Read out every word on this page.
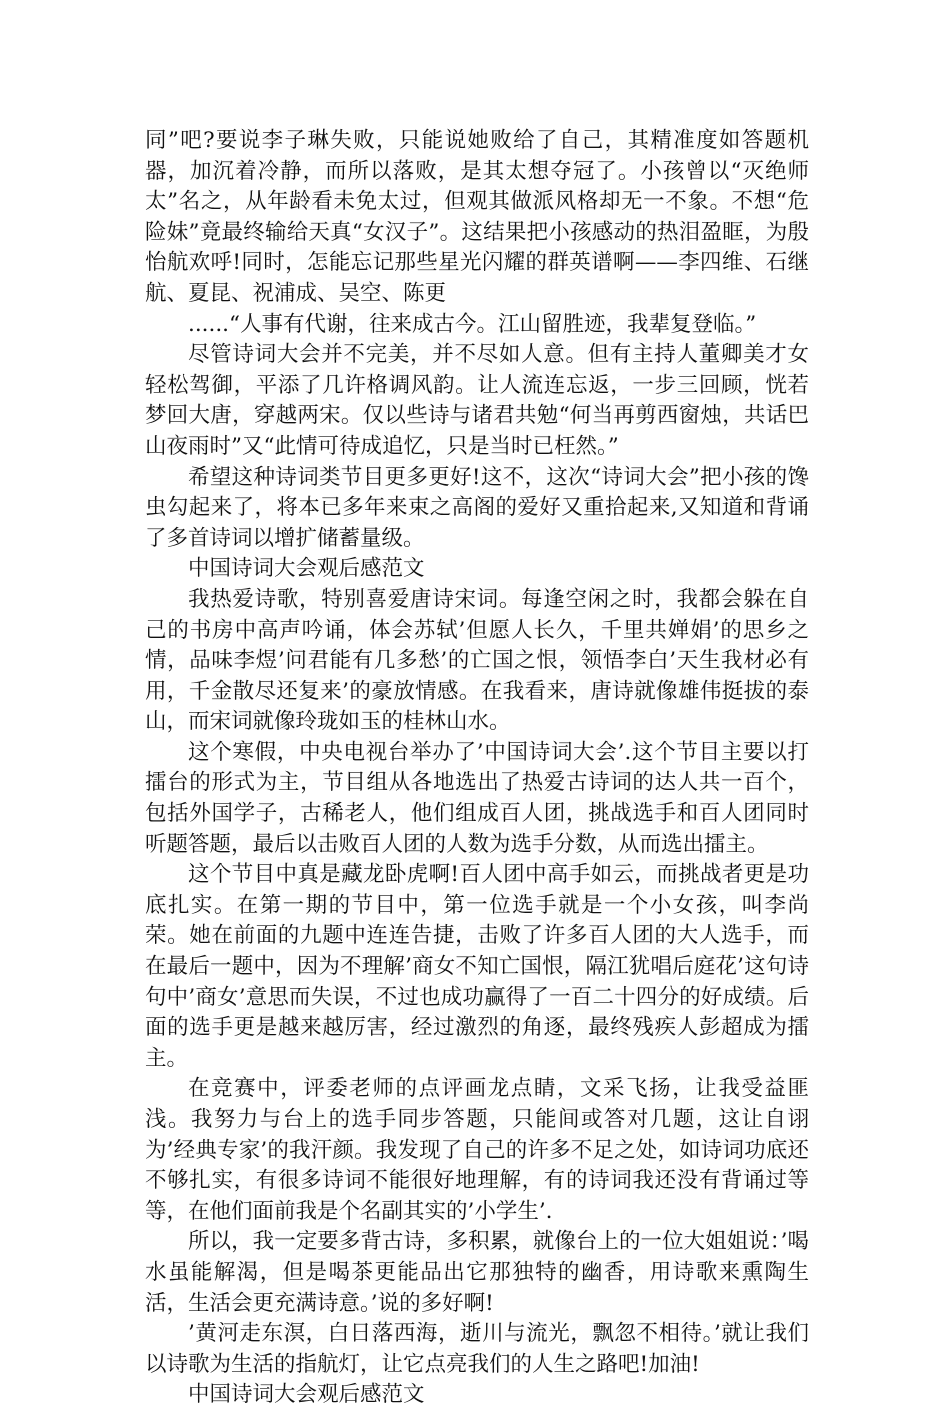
同”吧?要说李子琳失败，只能说她败给了自己，其精准度如答题机器，加沉着冷静，而所以落败，是其太想夺冠了。小孩曾以“灭绝师太”名之，从年龄看未免太过，但观其做派风格却无一不象。不想“危险妹”竟最终输给天真“女汉子”。这结果把小孩感动的热泪盈眶，为殷怡航欢呼!同时，怎能忘记那些星光闪耀的群英谱啊——李四维、石继航、夏昆、祝浦成、吴空、陈更

......“人事有代谢，往来成古今。江山留胜迹，我辈复登临。”

尽管诗词大会并不完美，并不尽如人意。但有主持人董卿美才女轻松驾御，平添了几许格调风韵。让人流连忘返，一步三回顾，恍若梦回大唐，穿越两宋。仅以些诗与诸君共勉“何当再剪西窗烛，共话巴山夜雨时”又“此情可待成追忆，只是当时已枉然。”

希望这种诗词类节目更多更好!这不，这次“诗词大会”把小孩的馋虫勾起来了，将本已多年来束之高阁的爱好又重拾起来,又知道和背诵了多首诗词以增扩储蓄量级。

中国诗词大会观后感范文

我热爱诗歌，特别喜爱唐诗宋词。每逢空闲之时，我都会躲在自己的书房中高声吟诵，体会苏轼’但愿人长久，千里共婵娟’的思乡之情，品味李煜’问君能有几多愁’的亡国之恨，领悟李白’天生我材必有用，千金散尽还复来’的豪放情感。在我看来，唐诗就像雄伟挺拔的泰山，而宋词就像玲珑如玉的桂林山水。

这个寒假，中央电视台举办了’中国诗词大会’.这个节目主要以打擂台的形式为主，节目组从各地选出了热爱古诗词的达人共一百个，包括外国学子，古稀老人，他们组成百人团，挑战选手和百人团同时听题答题，最后以击败百人团的人数为选手分数，从而选出擂主。

这个节目中真是藏龙卧虎啊!百人团中高手如云，而挑战者更是功底扎实。在第一期的节目中，第一位选手就是一个小女孩，叫李尚荣。她在前面的九题中连连告捷，击败了许多百人团的大人选手，而在最后一题中，因为不理解’商女不知亡国恨，隔江犹唱后庭花’这句诗句中’商女’意思而失误，不过也成功赢得了一百二十四分的好成绩。后面的选手更是越来越厉害，经过激烈的角逐，最终残疾人彭超成为擂主。

在竞赛中，评委老师的点评画龙点睛，文采飞扬，让我受益匪浅。我努力与台上的选手同步答题，只能间或答对几题，这让自诩为’经典专家’的我汗颜。我发现了自己的许多不足之处，如诗词功底还不够扎实，有很多诗词不能很好地理解，有的诗词我还没有背诵过等等，在他们面前我是个名副其实的’小学生’.

所以，我一定要多背古诗，多积累，就像台上的一位大姐姐说：’喝水虽能解渴，但是喝茶更能品出它那独特的幽香，用诗歌来熏陶生活，生活会更充满诗意。’说的多好啊!

’黄河走东溟，白日落西海，逝川与流光，飘忽不相待。’就让我们以诗歌为生活的指航灯，让它点亮我们的人生之路吧!加油!

中国诗词大会观后感范文
